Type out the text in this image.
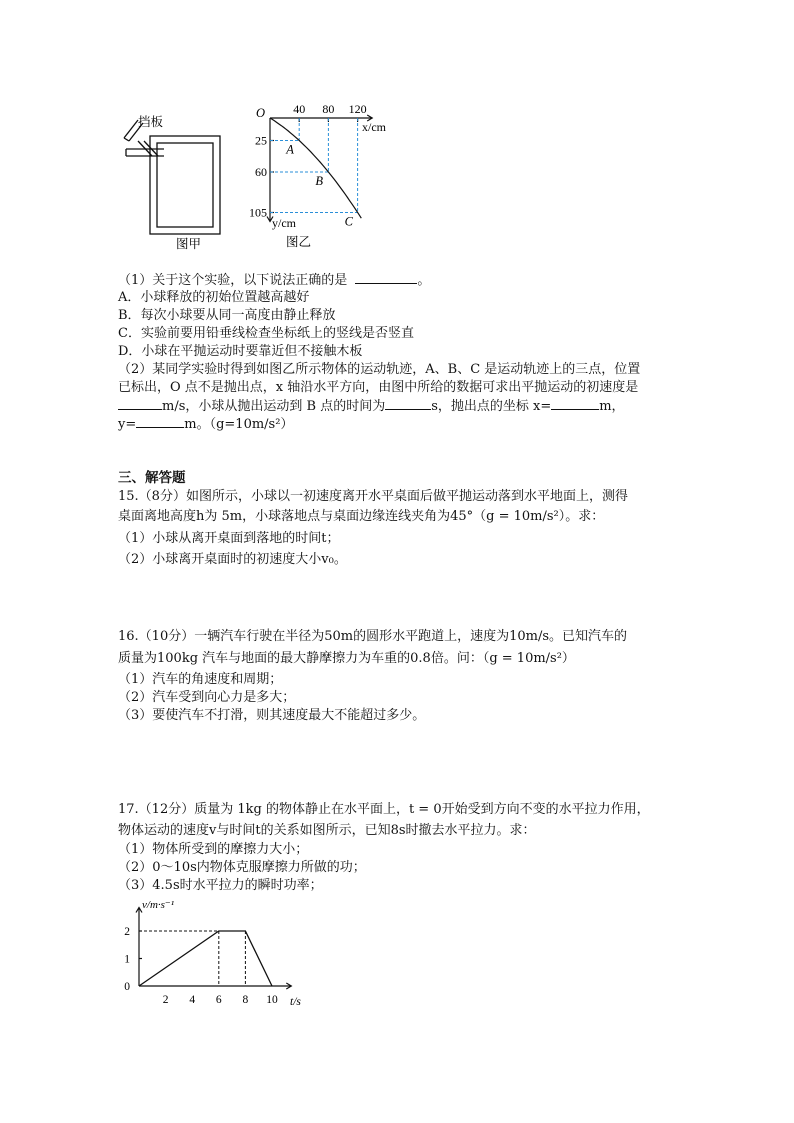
挡板
图甲
40 80 120
25
60
105
A
B
C
O
x/cm
y/cm
图乙
（1）关于这个实验，以下说法正确的是	。
A．小球释放的初始位置越高越好
B．每次小球要从同一高度由静止释放
C．实验前要用铅垂线检查坐标纸上的竖线是否竖直
D．小球在平抛运动时要靠近但不接触木板
（2）某同学实验时得到如图乙所示物体的运动轨迹，A、B、C 是运动轨迹上的三点，位置
已标出，O 点不是抛出点，x 轴沿水平方向，由图中所给的数据可求出平抛运动的初速度是
m/s，小球从抛出运动到 B 点的时间为	s，抛出点的坐标 x=	m，
y=	m。（g=10m/s²）
三、解答题
15.（8分）如图所示，小球以一初速度离开水平桌面后做平抛运动落到水平地面上，测得
桌面离地高度h为 5m，小球落地点与桌面边缘连线夹角为45°（g = 10m/s²）。求：
（1）小球从离开桌面到落地的时间t；
（2）小球离开桌面时的初速度大小v₀。
16.（10分）一辆汽车行驶在半径为50m的圆形水平跑道上，速度为10m/s。已知汽车的
质量为100kg 汽车与地面的最大静摩擦力为车重的0.8倍。问：（g = 10m/s²）
（1）汽车的角速度和周期；
（2）汽车受到向心力是多大；
（3）要使汽车不打滑，则其速度最大不能超过多少。
17.（12分）质量为 1kg 的物体静止在水平面上，t = 0开始受到方向不变的水平拉力作用，
物体运动的速度v与时间t的关系如图所示，已知8s时撤去水平拉力。求：
（1）物体所受到的摩擦力大小；
（2）0～10s内物体克服摩擦力所做的功；
（3）4.5s时水平拉力的瞬时功率；
2 4 6 8 10
0
1
2
v/m·s⁻¹
t/s
